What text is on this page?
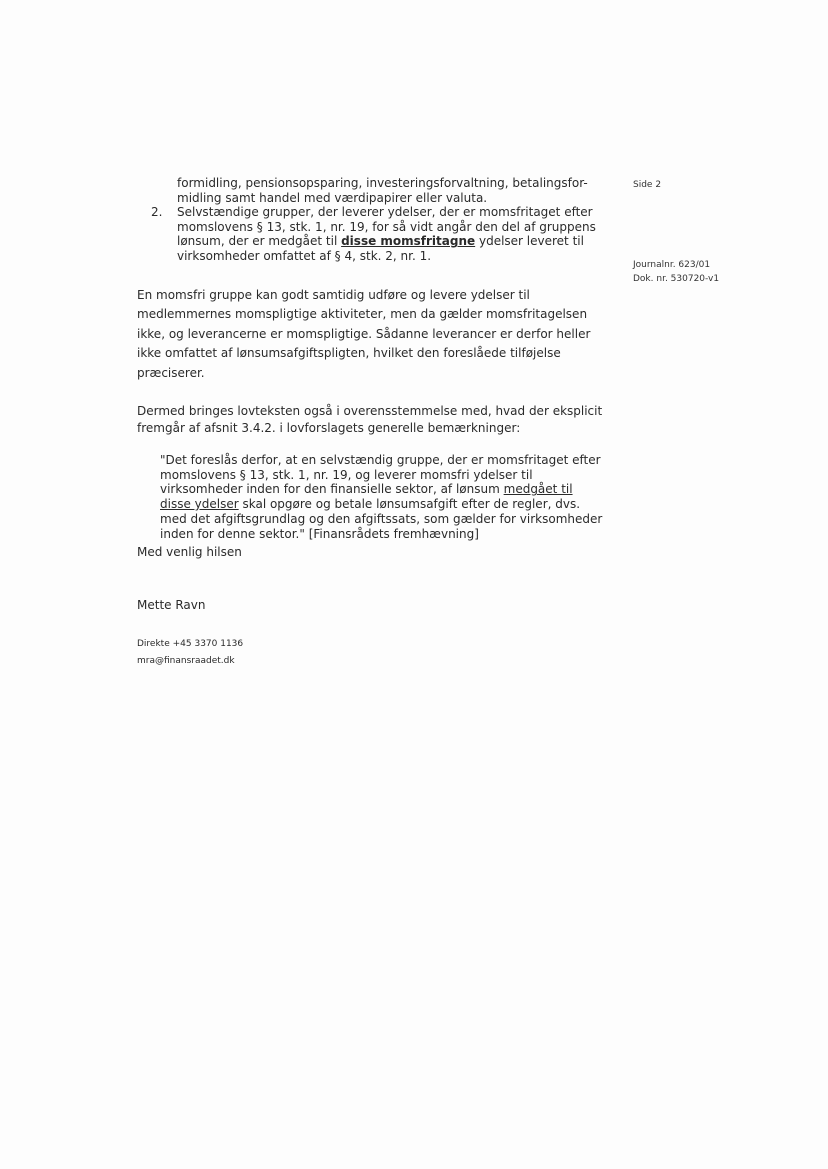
Side 2
Journalnr. 623/01
Dok. nr. 530720-v1
formidling, pensionsopsparing, investeringsforvaltning, betalingsfor-
midling samt handel med værdipapirer eller valuta.
2.	Selvstændige grupper, der leverer ydelser, der er momsfritaget efter momslovens § 13, stk. 1, nr. 19, for så vidt angår den del af gruppens lønsum, der er medgået til disse momsfritagne ydelser leveret til virksomheder omfattet af § 4, stk. 2, nr. 1.
En momsfri gruppe kan godt samtidig udføre og levere ydelser til medlemmernes momspligtige aktiviteter, men da gælder momsfritagelsen ikke, og leverancerne er momspligtige. Sådanne leverancer er derfor heller ikke omfattet af lønsumsafgiftspligten, hvilket den foreslåede tilføjelse præciserer.
Dermed bringes lovteksten også i overensstemmelse med, hvad der eksplicit fremgår af afsnit 3.4.2. i lovforslagets generelle bemærkninger:
"Det foreslås derfor, at en selvstændig gruppe, der er momsfritaget efter momslovens § 13, stk. 1, nr. 19, og leverer momsfri ydelser til virksomheder inden for den finansielle sektor, af lønsum medgået til disse ydelser skal opgøre og betale lønsumsafgift efter de regler, dvs. med det afgiftsgrundlag og den afgiftssats, som gælder for virksomheder inden for denne sektor." [Finansrådets fremhævning]
Med venlig hilsen
Mette Ravn
Direkte +45 3370 1136
mra@finansraadet.dk
